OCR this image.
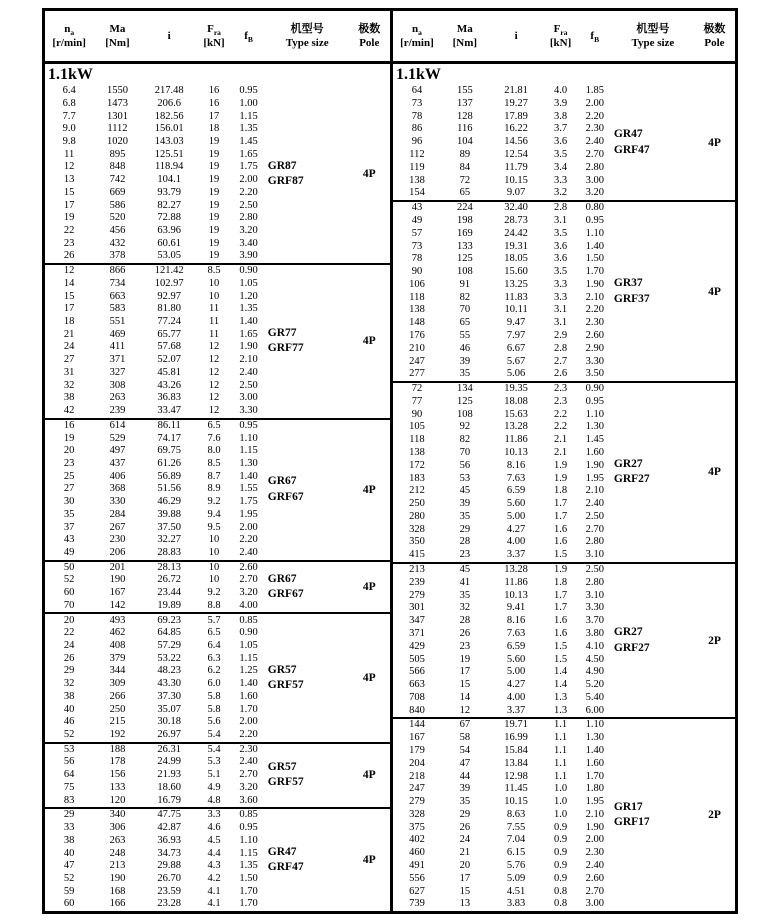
$n_a$
[r/min]
Ma
[Nm]
i
$F_{ra}$
[kN]
$f_B$
机型号
Type size
极数
Pole
1.1kW
6.4	1550	217.48	16	0.95
6.8	1473	206.6	16	1.00
7.7	1301	182.56	17	1.15
9.0	1112	156.01	18	1.35
9.8	1020	143.03	19	1.45
11	895	125.51	19	1.65
12	848	118.94	19	1.75
13	742	104.1	19	2.00
15	669	93.79	19	2.20
17	586	82.27	19	2.50
19	520	72.88	19	2.80
22	456	63.96	19	3.20
23	432	60.61	19	3.40
26	378	53.05	19	3.90
GR87
GRF87
4P
12	866	121.42	8.5	0.90
14	734	102.97	10	1.05
15	663	92.97	10	1.20
17	583	81.80	11	1.35
18	551	77.24	11	1.40
21	469	65.77	11	1.65
24	411	57.68	12	1.90
27	371	52.07	12	2.10
31	327	45.81	12	2.40
32	308	43.26	12	2.50
38	263	36.83	12	3.00
42	239	33.47	12	3.30
GR77
GRF77
4P
16	614	86.11	6.5	0.95
19	529	74.17	7.6	1.10
20	497	69.75	8.0	1.15
23	437	61.26	8.5	1.30
25	406	56.89	8.7	1.40
27	368	51.56	8.9	1.55
30	330	46.29	9.2	1.75
35	284	39.88	9.4	1.95
37	267	37.50	9.5	2.00
43	230	32.27	10	2.20
49	206	28.83	10	2.40
GR67
GRF67
4P
50	201	28.13	10	2.60
52	190	26.72	10	2.70
60	167	23.44	9.2	3.20
70	142	19.89	8.8	4.00
GR67
GRF67
4P
20	493	69.23	5.7	0.85
22	462	64.85	6.5	0.90
24	408	57.29	6.4	1.05
26	379	53.22	6.3	1.15
29	344	48.23	6.2	1.25
32	309	43.30	6.0	1.40
38	266	37.30	5.8	1.60
40	250	35.07	5.8	1.70
46	215	30.18	5.6	2.00
52	192	26.97	5.4	2.20
GR57
GRF57
4P
53	188	26.31	5.4	2.30
56	178	24.99	5.3	2.40
64	156	21.93	5.1	2.70
75	133	18.60	4.9	3.20
83	120	16.79	4.8	3.60
GR57
GRF57
4P
29	340	47.75	3.3	0.85
33	306	42.87	4.6	0.95
38	263	36.93	4.5	1.10
40	248	34.73	4.4	1.15
47	213	29.88	4.3	1.35
52	190	26.70	4.2	1.50
59	168	23.59	4.1	1.70
60	166	23.28	4.1	1.70
GR47
GRF47
4P
$n_a$
[r/min]
Ma
[Nm]
i
$F_{ra}$
[kN]
$f_B$
机型号
Type size
极数
Pole
1.1kW
64	155	21.81	4.0	1.85
73	137	19.27	3.9	2.00
78	128	17.89	3.8	2.20
86	116	16.22	3.7	2.30
96	104	14.56	3.6	2.40
112	89	12.54	3.5	2.70
119	84	11.79	3.4	2.80
138	72	10.15	3.3	3.00
154	65	9.07	3.2	3.20
GR47
GRF47
4P
43	224	32.40	2.8	0.80
49	198	28.73	3.1	0.95
57	169	24.42	3.5	1.10
73	133	19.31	3.6	1.40
78	125	18.05	3.6	1.50
90	108	15.60	3.5	1.70
106	91	13.25	3.3	1.90
118	82	11.83	3.3	2.10
138	70	10.11	3.1	2.20
148	65	9.47	3.1	2.30
176	55	7.97	2.9	2.60
210	46	6.67	2.8	2.90
247	39	5.67	2.7	3.30
277	35	5.06	2.6	3.50
GR37
GRF37
4P
72	134	19.35	2.3	0.90
77	125	18.08	2.3	0.95
90	108	15.63	2.2	1.10
105	92	13.28	2.2	1.30
118	82	11.86	2.1	1.45
138	70	10.13	2.1	1.60
172	56	8.16	1.9	1.90
183	53	7.63	1.9	1.95
212	45	6.59	1.8	2.10
250	39	5.60	1.7	2.40
280	35	5.00	1.7	2.50
328	29	4.27	1.6	2.70
350	28	4.00	1.6	2.80
415	23	3.37	1.5	3.10
GR27
GRF27
4P
213	45	13.28	1.9	2.50
239	41	11.86	1.8	2.80
279	35	10.13	1.7	3.10
301	32	9.41	1.7	3.30
347	28	8.16	1.6	3.70
371	26	7.63	1.6	3.80
429	23	6.59	1.5	4.10
505	19	5.60	1.5	4.50
566	17	5.00	1.4	4.90
663	15	4.27	1.4	5.20
708	14	4.00	1.3	5.40
840	12	3.37	1.3	6.00
GR27
GRF27
2P
144	67	19.71	1.1	1.10
167	58	16.99	1.1	1.30
179	54	15.84	1.1	1.40
204	47	13.84	1.1	1.60
218	44	12.98	1.1	1.70
247	39	11.45	1.0	1.80
279	35	10.15	1.0	1.95
328	29	8.63	1.0	2.10
375	26	7.55	0.9	1.90
402	24	7.04	0.9	2.00
460	21	6.15	0.9	2.30
491	20	5.76	0.9	2.40
556	17	5.09	0.9	2.60
627	15	4.51	0.8	2.70
739	13	3.83	0.8	3.00
GR17
GRF17
2P
